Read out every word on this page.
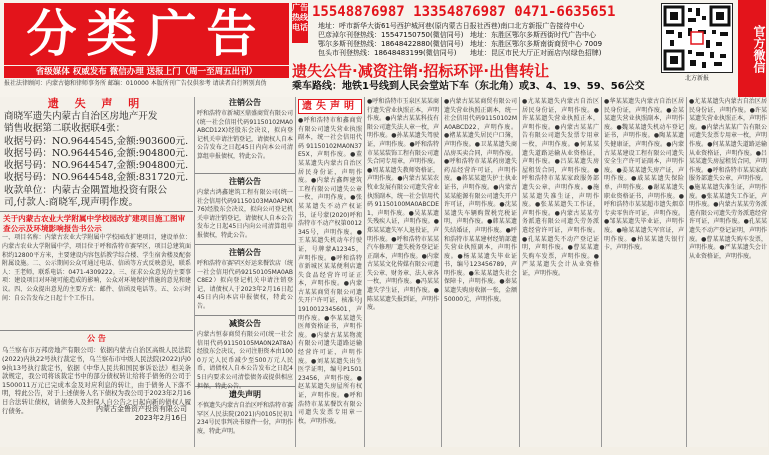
分类广告
省级媒体 权威发布 微信办理 送报上门（周一至周五出刊）
报社法律顾问：内蒙古德和律师事务所 邮编：010000 本版所刊广告仅供参考 请读者自行辨别真伪
广告热线电话
15548876987 13354876987 0471-6635651
地址：呼市新华大街61号西护城河巷(原内蒙古日报社西巷)南口北方新报广告接待中心
巴彦淖尔刊登热线：15547150750(微信同号) 地址：东胜区鄂尔多斯西街时代广告中心
鄂尔多斯刊登热线：18648422880(微信同号) 地址：东胜区鄂尔多斯南街商贸中心 7009
包头市刊登热线：18648483199(微信同号) 地址：昆区市民大厅正对面店内(绿色招牌)
北方新报
官方微信
遗失公告·减资注销·招标环评·出售转让
乘车路线：地铁1号线到人民会堂站下车（东北角）或3、4、19、59、56公交
遗 失 声 明
商晓军遗失内蒙古自治区房地产开发
销售收据第二联收据联4张：
收据号码：NO.9644545,金额:903600元.
收据号码：NO.9644546,金额:904800元.
收据号码：NO.9644547,金额:904800元.
收据号码：NO.9644548,金额:831720元.
收款单位：内蒙古金隅置地投资有限公
司,付款人:商晓军,现声明作废。
关于内蒙古农业大学附属中学校园改扩建项目施工图审查公示及环境影响报告书公示
一、项目名称：内蒙古农业大学附属中学校园改扩建项目，建设单位：内蒙古农业大学附属中学，项目位于呼和浩特市赛罕区，项目总建筑面积约12800平方米，主要建设内容包括教学综合楼、学生宿舍楼及配套附属设施。二、公示期间公众可通过电话、信函等方式反映意见，联系人：王老师，联系电话：0471-4309222。三、征求公众意见的主要事项：建设项目对环境可能造成的影响，公众对环境保护措施的意见和建议。四、公众提出意见的主要方式：邮件、信函及电话等。五、公示时间：自公告发布之日起十个工作日。
公 告
乌兰察布市万邦房地产有限公司：依据内蒙古自治区高级人民法院(2022)内执22号执行裁定书，乌兰察布市中级人民法院(2022)内09执13号执行裁定书，依据《中华人民共和国民事诉讼法》相关条款规定，我公司将该裁定书中的部分债权转让给将手债务的公司于1500011万元已完成本金及对应利息的转让，由于债务人下落不明，特此公告，对于上述债务人名下债权为我公司于2023年2月16日合法转让债权，请债务人及担保人自公告之日起向新的债权人履行债务。	内蒙古金鲁资产投资有限公司
2023年2月16日
注销公告
呼和浩特市新城区鼎盛商贸有限公司(统一社会信用代码91150102MA0ABCD12X)经股东会决议，拟向登记机关申请注销登记，请债权人自本公告发布之日起45日内向本公司清算组申报债权，特此公告。
注销公告
内蒙古鸿鑫建筑工程有限公司(统一社会信用代码91150103MA0APNX76)经股东会决议，拟向公司登记机关申请注销登记，请债权人自本公告发布之日起45日内向公司清算组申报债权，特此公告。
注销公告
呼和浩特市赛罕区好运来餐饮店（统一社会信用代码92150105MA0ABC8E2）拟向登记机关申请注销登记，请债权人于2023年2月16日起45日内向本店申报债权，特此公告。
减资公告
内蒙古恒泰商贸有限公司(统一社会信用代码91150105MA0N2AT8A)经股东会决议，公司注册资本由1000万元人民币减少至500万元人民币，请债权人自本公告发布之日起45日内要求公司清偿债务或提供相应担保，特此公告。
遗失声明
不慎遗失内蒙古自治区呼和浩特市赛罕区人民法院(2021)内0105民初1234号民事判决书原件一份，声明作废，特此声明。
遗失声明
●呼和浩特市和鑫商贸有限公司遗失营业执照副本，统一社会信用代码91150102MA0N37E5X，声明作废。●董某某遗失内蒙古自治区居民身份证，声明作废。●内蒙古鑫辉建筑工程有限公司遗失公章一枚，声明作废。●张某某遗失不动产权证书，证号蒙(2020)呼和浩特市不动产权第0012345号，声明作废。●王某某遗失机动车行驶证，号牌蒙A12345，声明作废。●呼和浩特市新城区某某便利店遗失食品经营许可证正本，声明作废。●内蒙古某某商贸有限公司遗失开户许可证，核准号J1910012345601，声明作废。●李某某遗失医师资格证书，声明作废。●内蒙古某某物流有限公司遗失道路运输经营许可证，声明作废。●刘某某遗失出生医学证明，编号P150123456，声明作废。●赵某某遗失房屋所有权证，声明作废。●呼和浩特市某某餐饮有限公司遗失发票专用章一枚，声明作废。
●呼和浩特市玉泉区某某商行遗失营业执照正本，声明作废。●内蒙古某某科技有限公司遗失法人章一枚，声明作废。●孙某某遗失驾驶证，声明作废。●呼和浩特市某某装饰工程有限公司遗失合同专用章，声明作废。●周某某遗失教师资格证，声明作废。●内蒙古某某农牧业发展有限公司遗失营业执照副本，统一社会信用代码91150100MA0ABCDE1，声明作废。●吴某某遗失残疾人证，声明作废。●郑某某遗失军人退役证，声明作废。●呼和浩特市某某汽车修理厂遗失税务登记证正副本，声明作废。●内蒙古某某文化传媒有限公司遗失公章、财务章、法人章各一枚，声明作废。●冯某某遗失学生证，声明作废。●陈某某遗失报到证，声明作废。
●内蒙古某某商贸有限公司遗失营业执照正副本，统一社会信用代码91150102MA0ABCD22，声明作废。●褚某某遗失居民户口簿，声明作废。●卫某某遗失商品房买卖合同，声明作废。●呼和浩特市某某药房遗失药品经营许可证，声明作废。●蒋某某遗失护士执业证书，声明作废。●内蒙古某某能源有限公司遗失开户许可证，声明作废。●沈某某遗失车辆购置税完税证明，声明作废。●韩某某遗失结婚证，声明作废。●呼和浩特市某某建材经销部遗失营业执照副本，声明作废。●杨某某遗失毕业证书，编号123456789，声明作废。●朱某某遗失社会保障卡，声明作废。●秦某某遗失购房收据一张，金额50000元，声明作废。
●尤某某遗失内蒙古自治区居民身份证，声明作废。●许某某遗失营业执照正本，声明作废。●内蒙古某某广告有限公司遗失发票专用章一枚，声明作废。●何某某遗失道路运输从业资格证，声明作废。●吕某某遗失房屋租赁合同，声明作废。●呼和浩特市某某家政服务部遗失公章，声明作废。●施某某遗失准生证，声明作废。●张某某遗失工作证，声明作废。●内蒙古某某劳务派遣有限公司遗失劳务派遣经营许可证，声明作废。●孔某某遗失不动产登记证明，声明作废。●曹某某遗失购车发票，声明作废。●严某某遗失会计从业资格证，声明作废。
●华某某遗失内蒙古自治区居民身份证，声明作废。●金某某遗失营业执照副本，声明作废。●魏某某遗失机动车登记证书，声明作废。●陶某某遗失健康证，声明作废。●内蒙古某某建设工程有限公司遗失安全生产许可证副本，声明作废。●姜某某遗失房产证，声明作废。●戚某某遗失保险单，声明作废。●谢某某遗失职业资格证书，声明作废。●呼和浩特市某某超市遗失烟草专卖零售许可证，声明作废。●邹某某遗失毕业证，声明作废。●喻某某遗失军官证，声明作废。●柏某某遗失银行卡，声明作废。
●尤某某遗失内蒙古自治区居民身份证，声明作废。●许某某遗失营业执照正本，声明作废。●内蒙古某某广告有限公司遗失发票专用章一枚，声明作废。●何某某遗失道路运输从业资格证，声明作废。●吕某某遗失房屋租赁合同，声明作废。●呼和浩特市某某家政服务部遗失公章，声明作废。●施某某遗失准生证，声明作废。●张某某遗失工作证，声明作废。●内蒙古某某劳务派遣有限公司遗失劳务派遣经营许可证，声明作废。●孔某某遗失不动产登记证明，声明作废。●曹某某遗失购车发票，声明作废。●严某某遗失会计从业资格证，声明作废。
